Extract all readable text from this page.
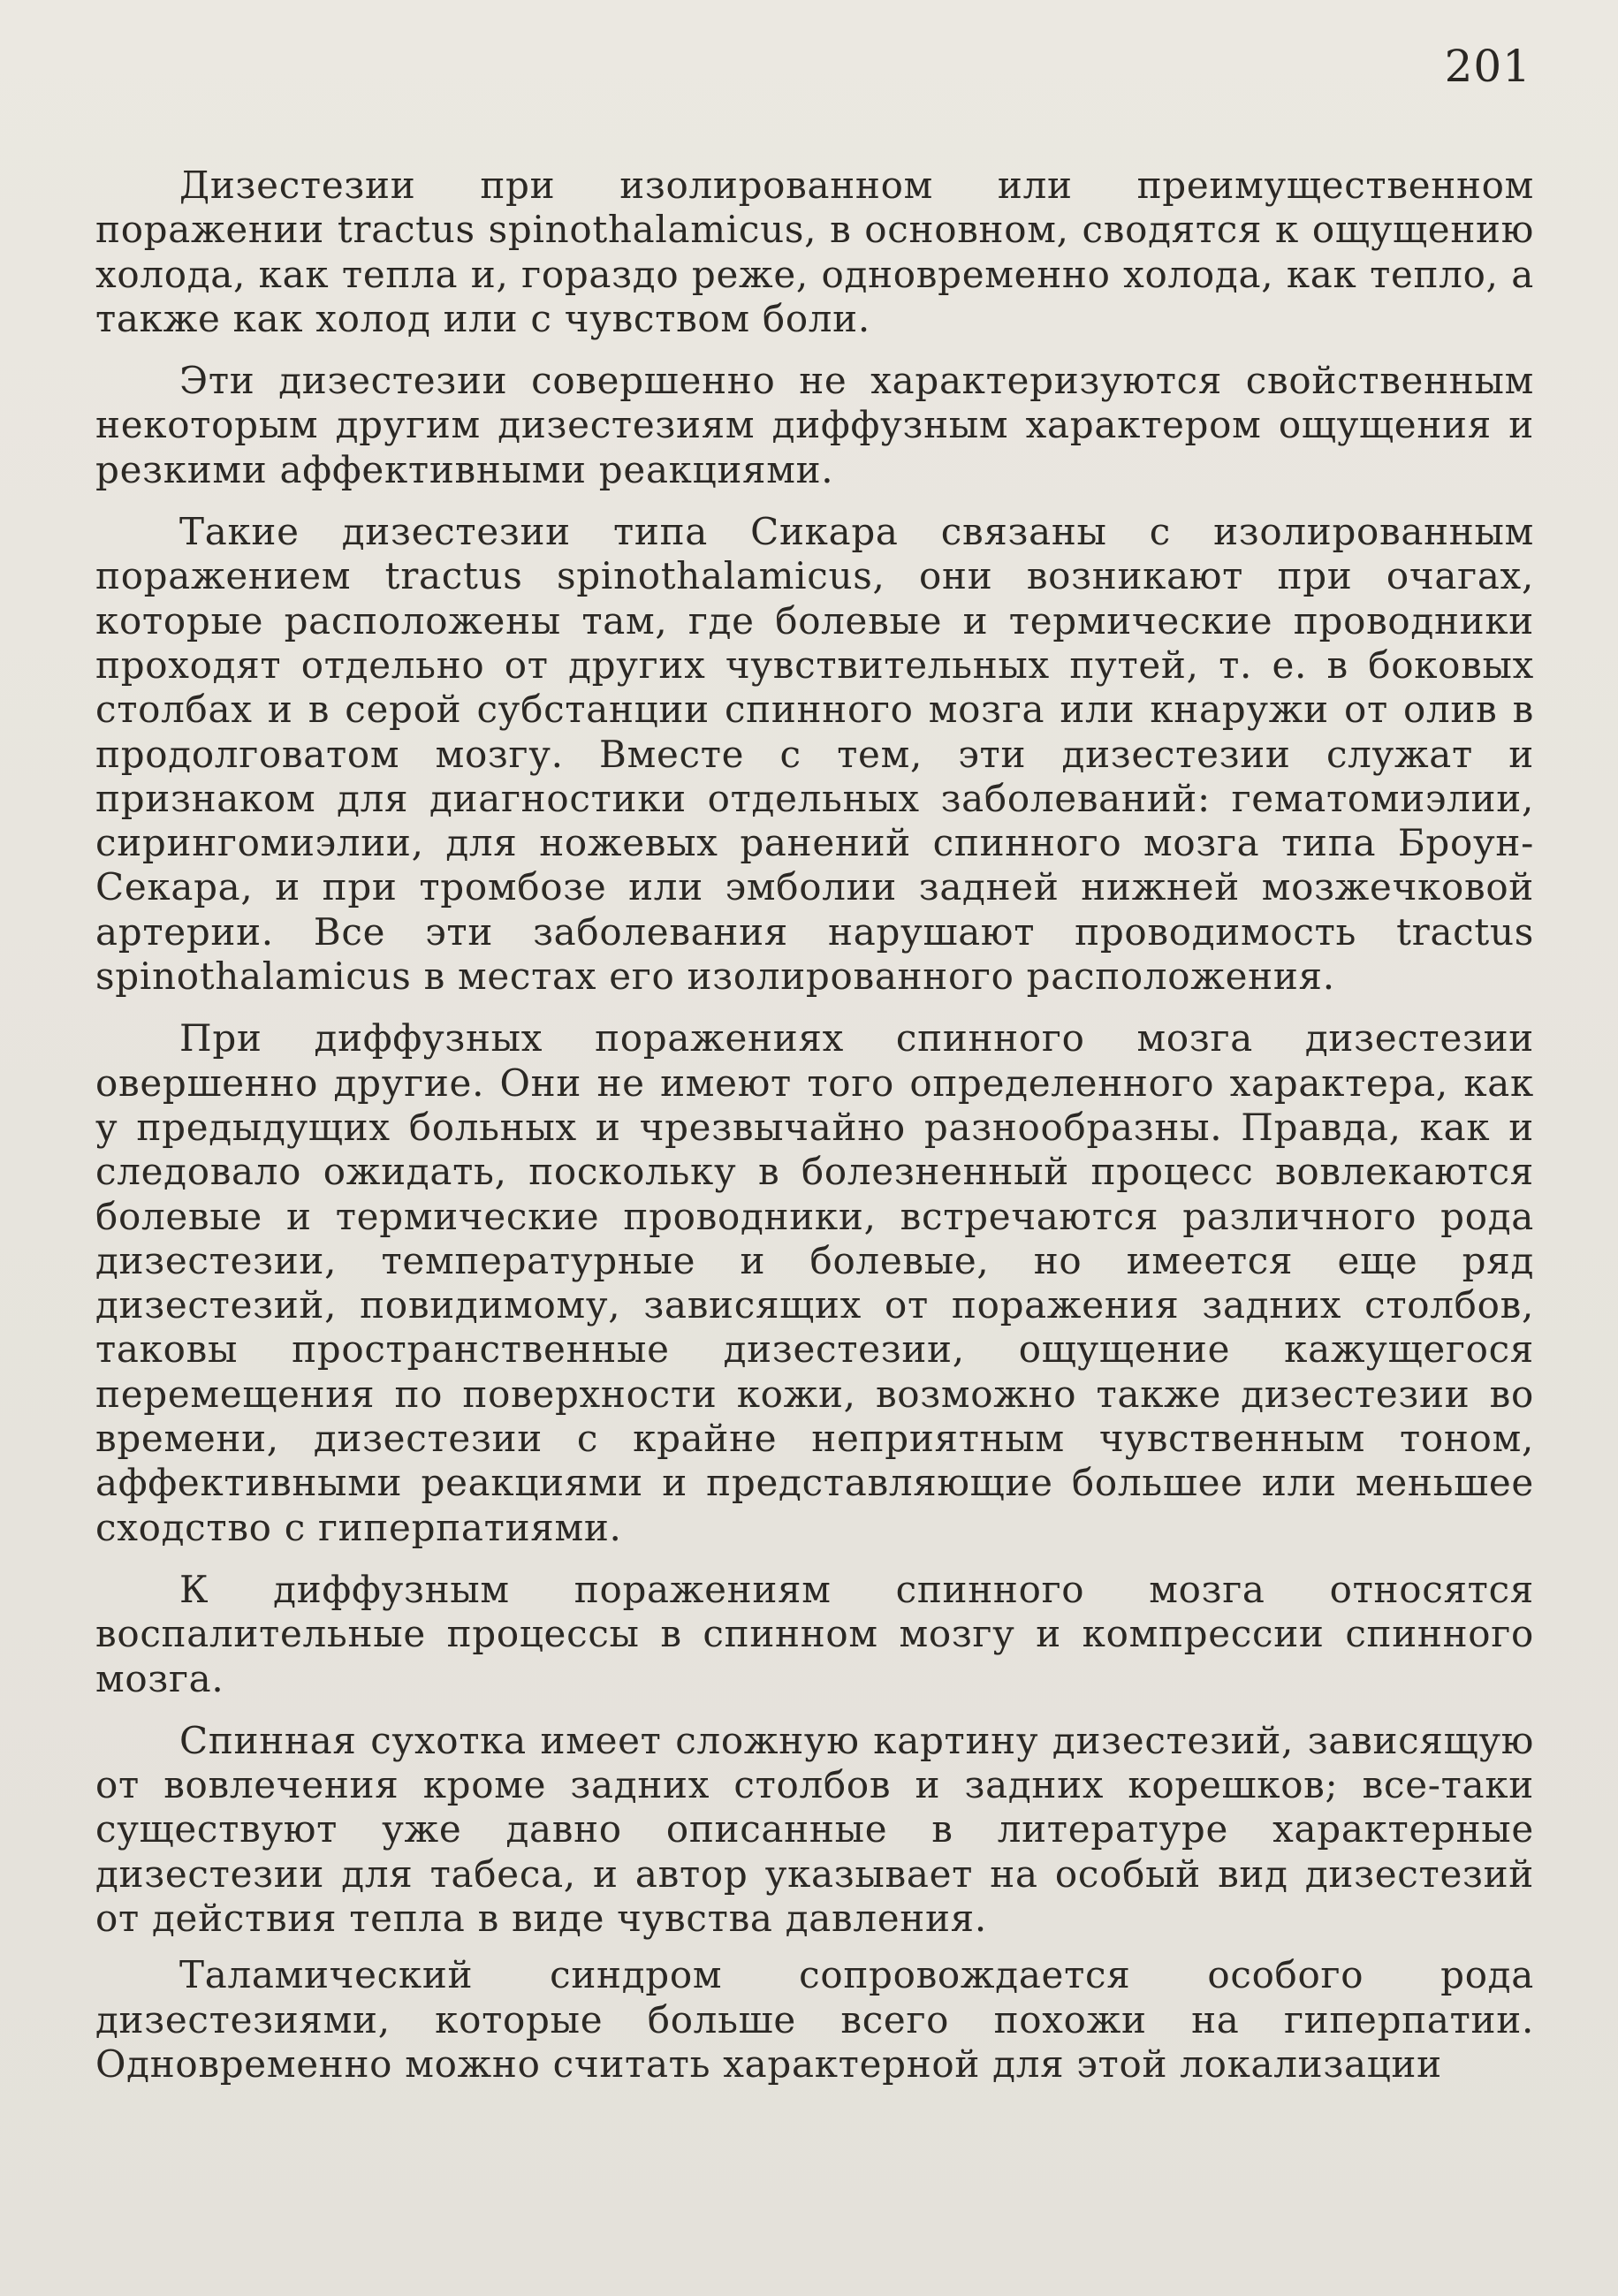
201

Дизестезии при изолированном или преимущественном поражении tractus spinothalamicus, в основном, сводятся к ощущению холода, как тепла и, гораздо реже, одновременно холода, как тепло, а также как холод или с чувством боли.

Эти дизестезии совершенно не характеризуются свойственным некоторым другим дизестезиям диффузным характером ощущения и резкими аффективными реакциями.

Такие дизестезии типа Сикара связаны с изолированным поражением tractus spinothalamicus, они возникают при очагах, которые расположены там, где болевые и термические проводники проходят отдельно от других чувствительных путей, т. е. в боковых столбах и в серой субстанции спинного мозга или кнаружи от олив в продолговатом мозгу. Вместе с тем, эти дизестезии служат и признаком для диагностики отдельных заболеваний: гематомиэлии, сирингомиэлии, для ножевых ранений спинного мозга типа Броун-Секара, и при тромбозе или эмболии задней нижней мозжечковой артерии. Все эти заболевания нарушают проводимость tractus spinothalamicus в местах его изолированного расположения.

При диффузных поражениях спинного мозга дизестезии овершенно другие. Они не имеют того определенного характера, как у предыдущих больных и чрезвычайно разнообразны. Правда, как и следовало ожидать, поскольку в болезненный процесс вовлекаются болевые и термические проводники, встречаются различного рода дизестезии, температурные и болевые, но имеется еще ряд дизестезий, повидимому, зависящих от поражения задних столбов, таковы пространственные дизестезии, ощущение кажущегося перемещения по поверхности кожи, возможно также дизестезии во времени, дизестезии с крайне неприятным чувственным тоном, аффективными реакциями и представляющие большее или меньшее сходство с гиперпатиями.

К диффузным поражениям спинного мозга относятся воспалительные процессы в спинном мозгу и компрессии спинного мозга.

Спинная сухотка имеет сложную картину дизестезий, зависящую от вовлечения кроме задних столбов и задних корешков; все-таки существуют уже давно описанные в литературе характерные дизестезии для табеса, и автор указывает на особый вид дизестезий от действия тепла в виде чувства давления.

Таламический синдром сопровождается особого рода дизестезиями, которые больше всего похожи на гиперпатии. Одновременно можно считать характерной для этой локализации
